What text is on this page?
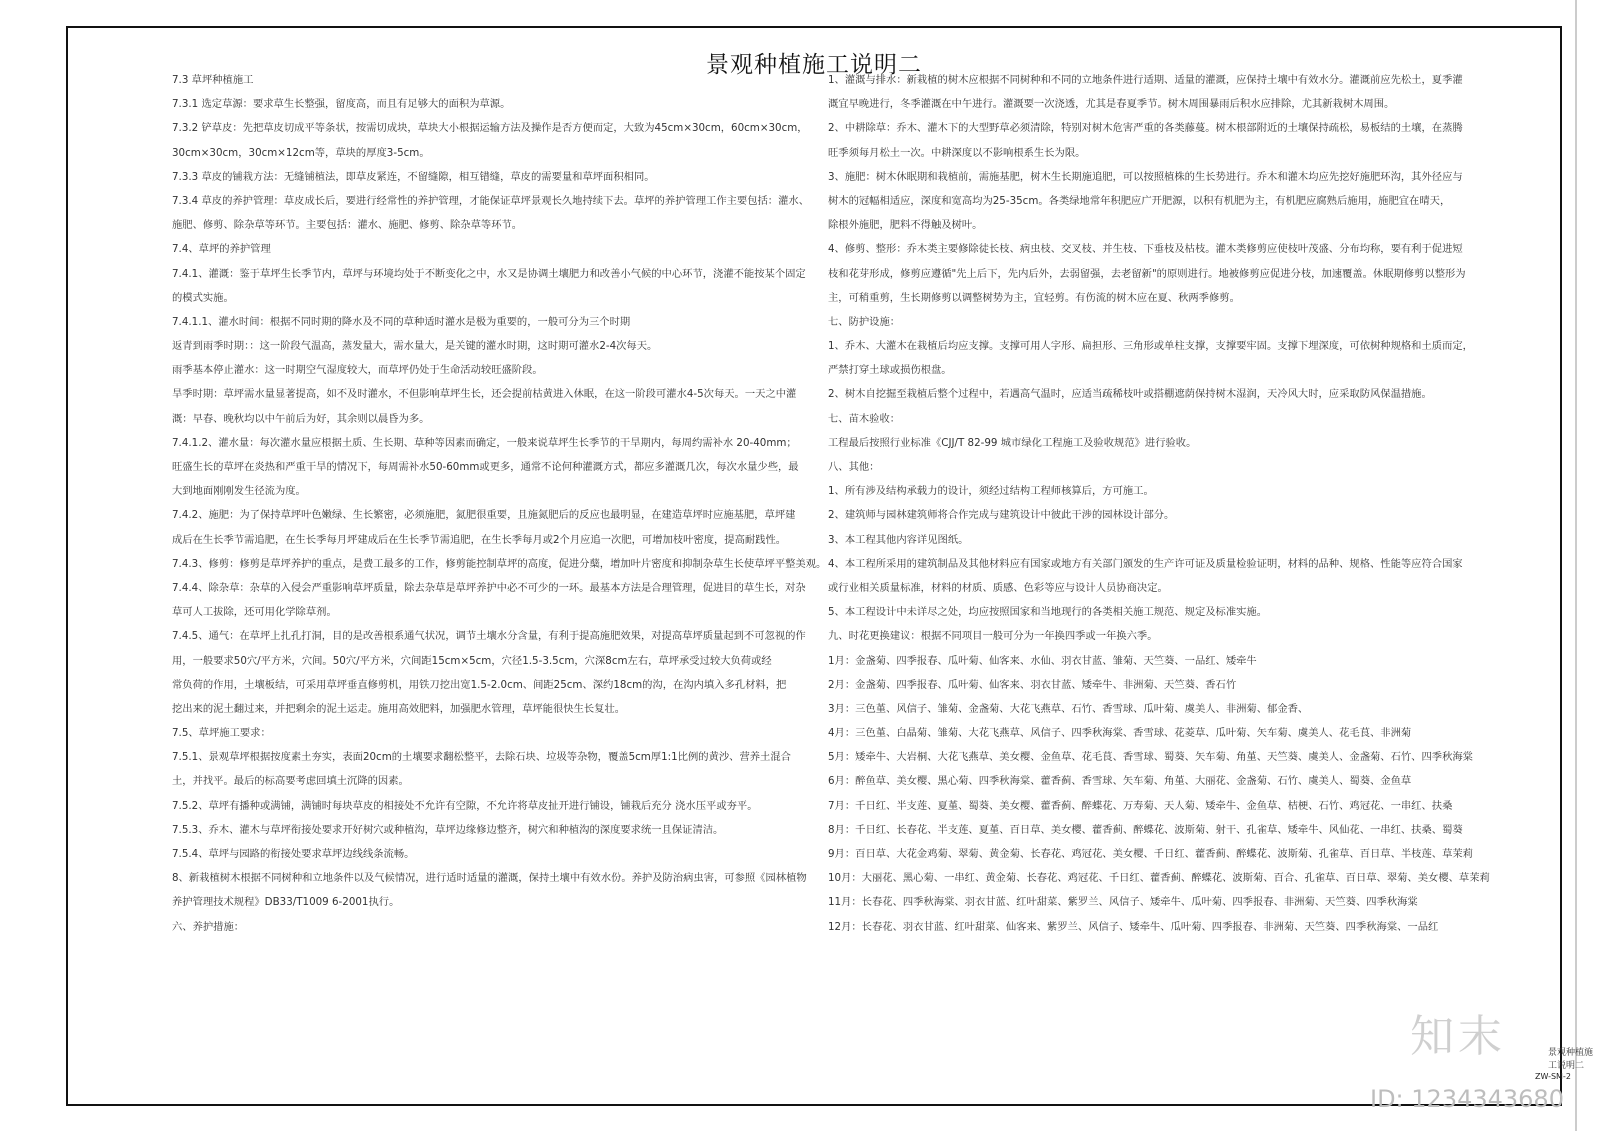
景观种植施工说明二

7.3 草坪种植施工

7.3.1 选定草源：要求草生长整强，留度高，而且有足够大的面积为草源。

7.3.2 铲草皮：先把草皮切成平等条状，按需切成块，草块大小根据运输方法及操作是否方便而定，大致为45cm×30cm，60cm×30cm，

30cm×30cm，30cm×12cm等，草块的厚度3-5cm。

7.3.3 草皮的铺栽方法：无缝铺植法，即草皮紧连，不留缝隙，相互错缝，草皮的需要量和草坪面积相同。

7.3.4 草皮的养护管理：草皮成长后，要进行经常性的养护管理，才能保证草坪景观长久地持续下去。草坪的养护管理工作主要包括：灌水、

施肥、修剪、除杂草等环节。主要包括：灌水、施肥、修剪、除杂草等环节。

7.4、草坪的养护管理

7.4.1、灌溉：鉴于草坪生长季节内，草坪与环境均处于不断变化之中，水又是协调土壤肥力和改善小气候的中心环节，浇灌不能按某个固定

的模式实施。

7.4.1.1、灌水时间：根据不同时期的降水及不同的草种适时灌水是极为重要的，一般可分为三个时期

返青到雨季时期：：这一阶段气温高，蒸发量大，需水量大，是关键的灌水时期，这时期可灌水2-4次每天。

雨季基本停止灌水：这一时期空气湿度较大，而草坪仍处于生命活动较旺盛阶段。

旱季时期：草坪需水量显著提高，如不及时灌水，不但影响草坪生长，还会提前枯黄进入休眠，在这一阶段可灌水4-5次每天。一天之中灌

溉：早春、晚秋均以中午前后为好，其余则以晨昏为多。

7.4.1.2、灌水量：每次灌水量应根据土质、生长期、草种等因素而确定，一般来说草坪生长季节的干旱期内，每周约需补水 20-40mm；

旺盛生长的草坪在炎热和严重干旱的情况下，每周需补水50-60mm或更多，通常不论何种灌溉方式，都应多灌溉几次，每次水量少些，最

大到地面刚刚发生径流为度。

7.4.2、施肥：为了保持草坪叶色嫩绿、生长繁密，必须施肥，氮肥很重要，且施氮肥后的反应也最明显，在建造草坪时应施基肥，草坪建

成后在生长季节需追肥，在生长季每月坪建成后在生长季节需追肥，在生长季每月或2个月应追一次肥，可增加枝叶密度，提高耐践性。

7.4.3、修剪：修剪是草坪养护的重点，是费工最多的工作，修剪能控制草坪的高度，促进分蘖，增加叶片密度和抑制杂草生长使草坪平整美观。

7.4.4、除杂草：杂草的入侵会严重影响草坪质量，除去杂草是草坪养护中必不可少的一环。最基本方法是合理管理，促进目的草生长，对杂

草可人工拔除，还可用化学除草剂。

7.4.5、通气：在草坪上扎孔打洞，目的是改善根系通气状况，调节土壤水分含量，有利于提高施肥效果，对提高草坪质量起到不可忽视的作

用，一般要求50穴/平方米，穴间。50穴/平方米，穴间距15cm×5cm，穴径1.5-3.5cm，穴深8cm左右，草坪承受过较大负荷或经

常负荷的作用，土壤板结，可采用草坪垂直修剪机，用铁刀挖出宽1.5-2.0cm、间距25cm、深约18cm的沟，在沟内填入多孔材料，把

挖出来的泥土翻过来，并把剩余的泥土运走。施用高效肥料，加强肥水管理，草坪能很快生长复壮。

7.5、草坪施工要求：

7.5.1、景观草坪根据按度素土夯实，表面20cm的土壤要求翻松整平，去除石块、垃圾等杂物，覆盖5cm厚1:1比例的黄沙、营养土混合

土，并找平。最后的标高要考虑回填土沉降的因素。

7.5.2、草坪有播种或满铺，满铺时每块草皮的相接处不允许有空隙，不允许将草皮扯开进行铺设，铺栽后充分 浇水压平或夯平。

7.5.3、乔木、灌木与草坪衔接处要求开好树穴或种植沟，草坪边缘修边整齐，树穴和种植沟的深度要求统一且保证清洁。

7.5.4、草坪与园路的衔接处要求草坪边线线条流畅。

8、新栽植树木根据不同树种和立地条件以及气候情况，进行适时适量的灌溉，保持土壤中有效水份。养护及防治病虫害，可参照《园林植物

养护管理技术规程》DB33/T1009 6-2001执行。

六、养护措施：

1、灌溉与排水：新栽植的树木应根据不同树种和不同的立地条件进行适期、适量的灌溉，应保持土壤中有效水分。灌溉前应先松土，夏季灌

溉宜早晚进行，冬季灌溉在中午进行。灌溉要一次浇透，尤其是春夏季节。树木周围暴雨后积水应排除，尤其新栽树木周围。

2、中耕除草：乔木、灌木下的大型野草必须清除，特别对树木危害严重的各类藤蔓。树木根部附近的土壤保持疏松，易板结的土壤，在蒸腾

旺季须每月松土一次。中耕深度以不影响根系生长为限。

3、施肥：树木休眠期和栽植前，需施基肥，树木生长期施追肥，可以按照植株的生长势进行。乔木和灌木均应先挖好施肥环沟，其外径应与

树木的冠幅相适应，深度和宽高均为25-35cm。各类绿地常年积肥应广开肥源，以积有机肥为主，有机肥应腐熟后施用，施肥宜在晴天，

除根外施肥，肥料不得触及树叶。

4、修剪、整形：乔木类主要修除徒长枝、病虫枝、交叉枝、并生枝、下垂枝及枯枝。灌木类修剪应使枝叶茂盛、分布均称，要有利于促进短

枝和花芽形成，修剪应遵循"先上后下，先内后外，去弱留强，去老留新"的原则进行。地被修剪应促进分枝，加速覆盖。休眠期修剪以整形为

主，可稍重剪，生长期修剪以调整树势为主，宜轻剪。有伤流的树木应在夏、秋两季修剪。

七、防护设施：

1、乔木、大灌木在栽植后均应支撑。支撑可用人字形、扁担形、三角形或单柱支撑，支撑要牢固。支撑下埋深度，可依树种规格和土质而定，

严禁打穿土球或损伤根盘。

2、树木自挖掘至栽植后整个过程中，若遇高气温时，应适当疏稀枝叶或搭棚遮荫保持树木湿润，天冷风大时，应采取防风保温措施。

七、苗木验收：

工程最后按照行业标准《CJJ/T 82-99 城市绿化工程施工及验收规范》进行验收。

八、其他：

1、所有涉及结构承载力的设计，须经过结构工程师核算后，方可施工。

2、建筑师与园林建筑师将合作完成与建筑设计中彼此干涉的园林设计部分。

3、本工程其他内容详见图纸。

4、本工程所采用的建筑制品及其他材料应有国家或地方有关部门颁发的生产许可证及质量检验证明，材料的品种、规格、性能等应符合国家

或行业相关质量标准，材料的材质、质感、色彩等应与设计人员协商决定。

5、本工程设计中未详尽之处，均应按照国家和当地现行的各类相关施工规范、规定及标准实施。

九、时花更换建议：根据不同项目一般可分为一年换四季或一年换六季。

1月：金盏菊、四季报春、瓜叶菊、仙客来、水仙、羽衣甘蓝、雏菊、天竺葵、一品红、矮牵牛

2月：金盏菊、四季报春、瓜叶菊、仙客来、羽衣甘蓝、矮牵牛、非洲菊、天竺葵、香石竹

3月：三色堇、风信子、雏菊、金盏菊、大花飞燕草、石竹、香雪球、瓜叶菊、虞美人、非洲菊、郁金香、

4月：三色堇、白晶菊、雏菊、大花飞燕草、风信子、四季秋海棠、香雪球、花菱草、瓜叶菊、矢车菊、虞美人、花毛茛、非洲菊

5月：矮牵牛、大岩桐、大花飞燕草、美女樱、金鱼草、花毛茛、香雪球、蜀葵、矢车菊、角堇、天竺葵、虞美人、金盏菊、石竹、四季秋海棠

6月：醉鱼草、美女樱、黑心菊、四季秋海棠、藿香蓟、香雪球、矢车菊、角堇、大丽花、金盏菊、石竹、虞美人、蜀葵、金鱼草

7月：千日红、半支莲、夏堇、蜀葵、美女樱、藿香蓟、醉蝶花、万寿菊、天人菊、矮牵牛、金鱼草、桔梗、石竹、鸡冠花、一串红、扶桑

8月：千日红、长春花、半支莲、夏堇、百日草、美女樱、藿香蓟、醉蝶花、波斯菊、射干、孔雀草、矮牵牛、风仙花、一串红、扶桑、蜀葵

9月：百日草、大花金鸡菊、翠菊、黄金菊、长春花、鸡冠花、美女樱、千日红、藿香蓟、醉蝶花、波斯菊、孔雀草、百日草、半枝莲、草茉莉

10月：大丽花、黑心菊、一串红、黄金菊、长春花、鸡冠花、千日红、藿香蓟、醉蝶花、波斯菊、百合、孔雀草、百日草、翠菊、美女樱、草茉莉

11月：长春花、四季秋海棠、羽衣甘蓝、红叶甜菜、紫罗兰、风信子、矮牵牛、瓜叶菊、四季报春、非洲菊、天竺葵、四季秋海棠

12月：长春花、羽衣甘蓝、红叶甜菜、仙客来、紫罗兰、风信子、矮牵牛、瓜叶菊、四季报春、非洲菊、天竺葵、四季秋海棠、一品红

景观种植施工说明二
ZW-SM-2
知末
ID: 1234343680
